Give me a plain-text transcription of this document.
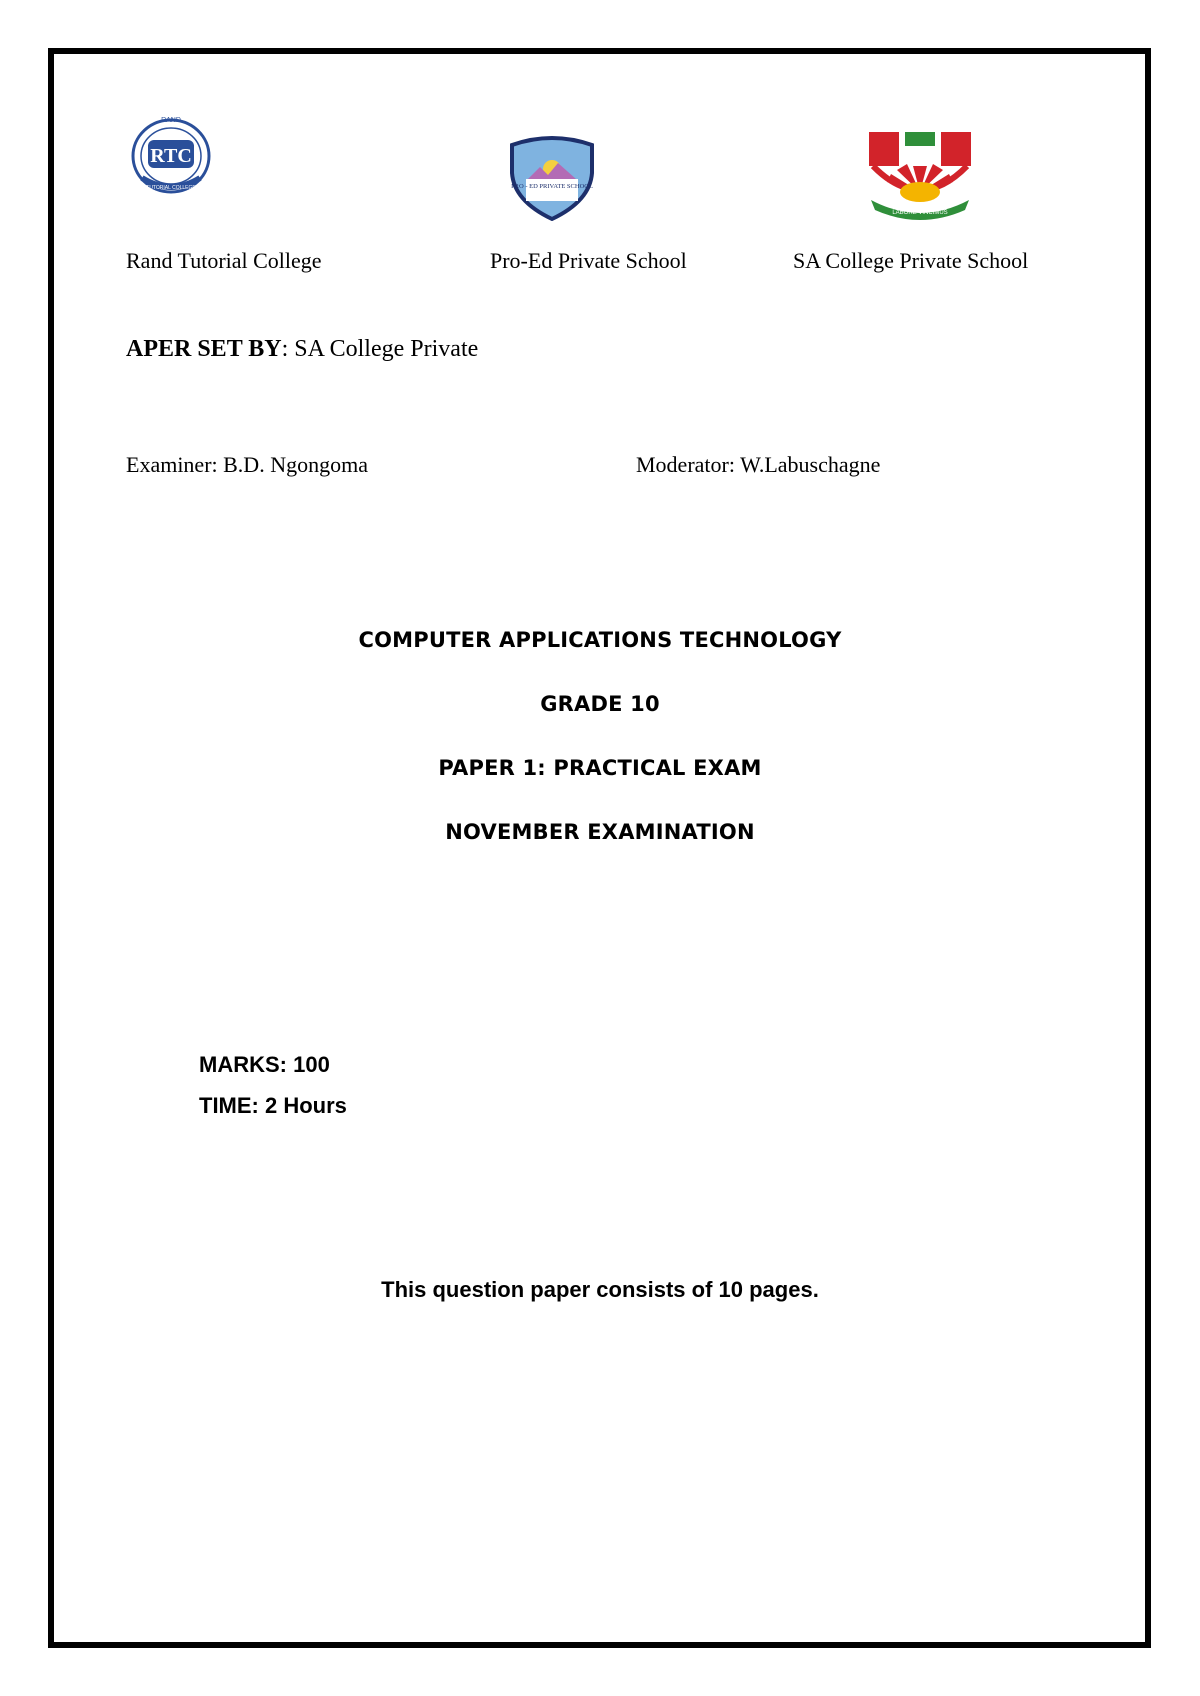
RTC
RAND
TUTORIAL COLLEGE	PRO - ED PRIVATE SCHOOL
LABORE VINCIMUS
Rand Tutorial College	Pro-Ed Private School	SA College Private School
APER SET BY: SA College Private
Examiner: B.D. Ngongoma	Moderator: W.Labuschagne
COMPUTER APPLICATIONS TECHNOLOGY
GRADE 10
PAPER 1: PRACTICAL EXAM
NOVEMBER EXAMINATION
MARKS: 100
TIME: 2 Hours
This question paper consists of 10 pages.
